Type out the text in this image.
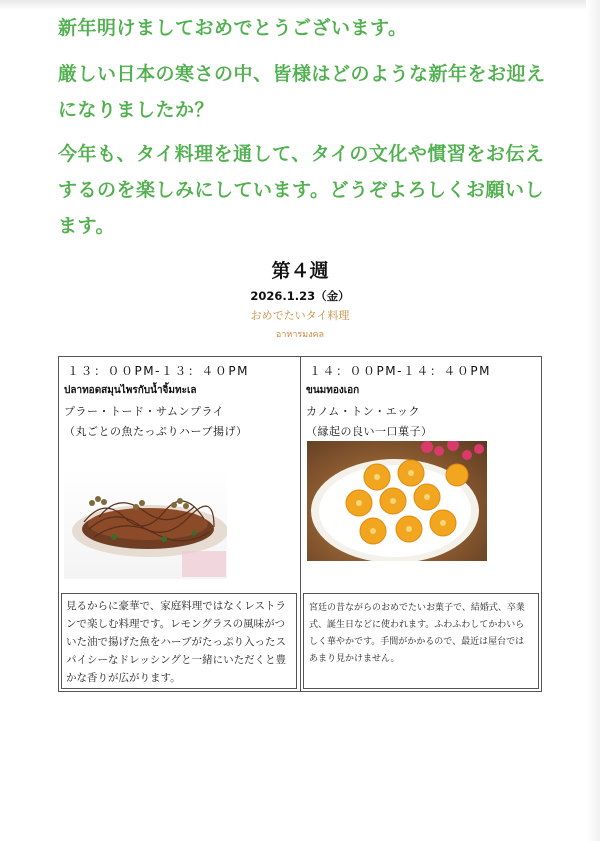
新年明けましておめでとうございます。
厳しい日本の寒さの中、皆様はどのような新年をお迎えになりましたか？
今年も、タイ料理を通して、タイの文化や慣習をお伝えするのを楽しみにしています。どうぞよろしくお願いします。
第４週
2026.1.23（金）
おめでたいタイ料理
อาหารมงคล
１３：００PM-１３：４０PM
ปลาทอดสมุนไพรกับน้ำจิ้มทะเล
プラー・トード・サムンプライ
（丸ごとの魚たっぷりハーブ揚げ）
見るからに豪華で、家庭料理ではなくレストランで楽しむ料理です。レモングラスの風味がついた油で揚げた魚をハーブがたっぷり入ったスパイシーなドレッシングと一緒にいただくと豊かな香りが広がります。
１４：００PM-１４：４０PM
ขนมทองเอก
カノム・トン・エック
（縁起の良い一口菓子）
宮廷の昔ながらのおめでたいお菓子で、結婚式、卒業式、誕生日などに使われます。ふわふわしてかわいらしく華やかです。手間がかかるので、最近は屋台ではあまり見かけません。
